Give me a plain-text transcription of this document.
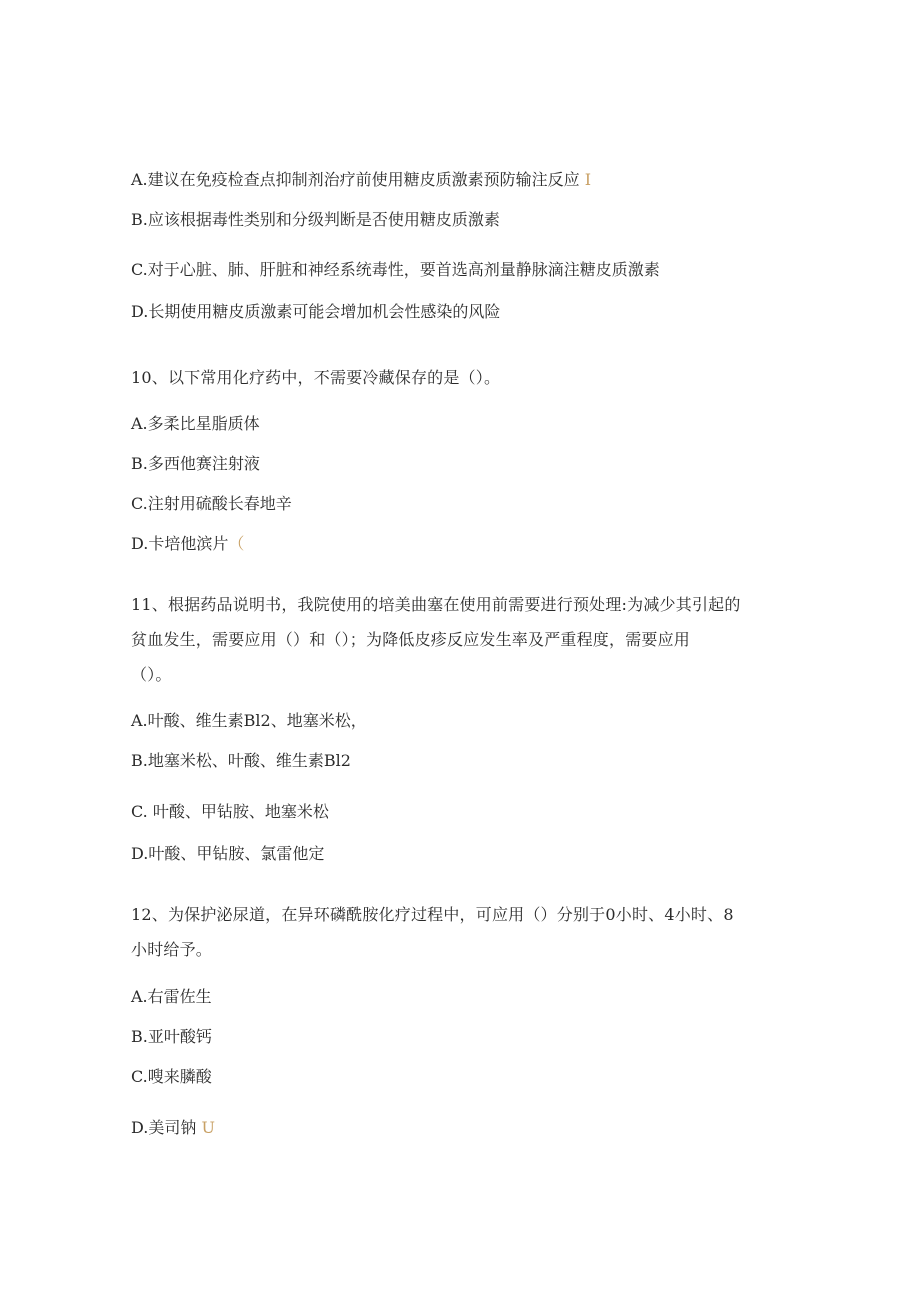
A.建议在免疫检查点抑制剂治疗前使用糖皮质激素预防输注反应 I
B.应该根据毒性类别和分级判断是否使用糖皮质激素
C.对于心脏、肺、肝脏和神经系统毒性，要首选高剂量静脉滴注糖皮质激素
D.长期使用糖皮质激素可能会增加机会性感染的风险
10、以下常用化疗药中，不需要冷藏保存的是（）。
A.多柔比星脂质体
B.多西他赛注射液
C.注射用硫酸长春地辛
D.卡培他滨片（
11、根据药品说明书，我院使用的培美曲塞在使用前需要进行预处理:为减少其引起的
贫血发生，需要应用（）和（）；为降低皮疹反应发生率及严重程度，需要应用
（）。
A.叶酸、维生素Bl2、地塞米松，
B.地塞米松、叶酸、维生素Bl2
C. 叶酸、甲钻胺、地塞米松
D.叶酸、甲钻胺、氯雷他定
12、为保护泌尿道，在异环磷酰胺化疗过程中，可应用（）分别于0小时、4小时、8
小时给予。
A.右雷佐生
B.亚叶酸钙
C.嗖来膦酸
D.美司钠 U
